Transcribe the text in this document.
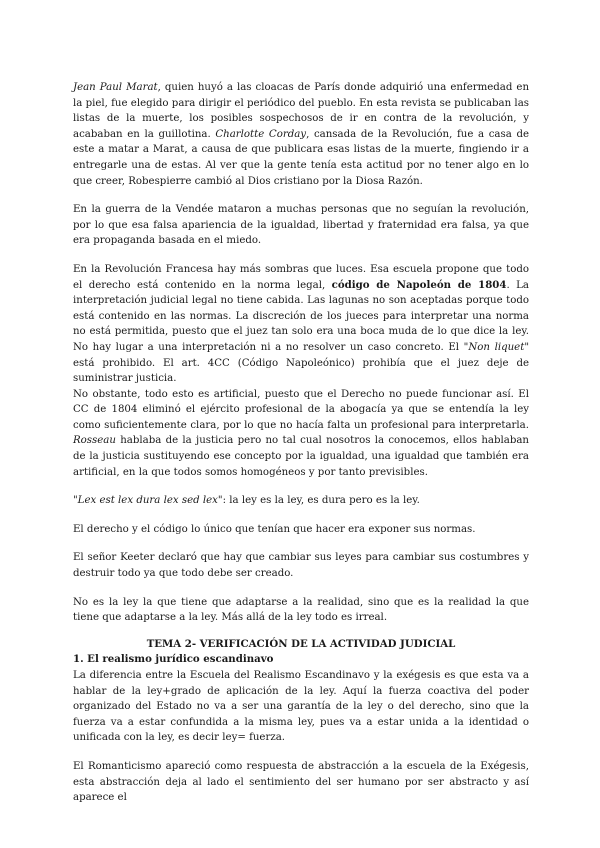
Jean Paul Marat, quien huyó a las cloacas de París donde adquirió una enfermedad en la piel, fue elegido para dirigir el periódico del pueblo. En esta revista se publicaban las listas de la muerte, los posibles sospechosos de ir en contra de la revolución, y acababan en la guillotina. Charlotte Corday, cansada de la Revolución, fue a casa de este a matar a Marat, a causa de que publicara esas listas de la muerte, fingiendo ir a entregarle una de estas. Al ver que la gente tenía esta actitud por no tener algo en lo que creer, Robespierre cambió al Dios cristiano por la Diosa Razón.

En la guerra de la Vendée mataron a muchas personas que no seguían la revolución, por lo que esa falsa apariencia de la igualdad, libertad y fraternidad era falsa, ya que era propaganda basada en el miedo.

En la Revolución Francesa hay más sombras que luces. Esa escuela propone que todo el derecho está contenido en la norma legal, código de Napoleón de 1804. La interpretación judicial legal no tiene cabida. Las lagunas no son aceptadas porque todo está contenido en las normas. La discreción de los jueces para interpretar una norma no está permitida, puesto que el juez tan solo era una boca muda de lo que dice la ley. No hay lugar a una interpretación ni a no resolver un caso concreto. El "Non liquet" está prohibido. El art. 4CC (Código Napoleónico) prohibía que el juez deje de suministrar justicia.

No obstante, todo esto es artificial, puesto que el Derecho no puede funcionar así. El CC de 1804 eliminó el ejército profesional de la abogacía ya que se entendía la ley como suficientemente clara, por lo que no hacía falta un profesional para interpretarla. Rosseau hablaba de la justicia pero no tal cual nosotros la conocemos, ellos hablaban de la justicia sustituyendo ese concepto por la igualdad, una igualdad que también era artificial, en la que todos somos homogéneos y por tanto previsibles.

"Lex est lex dura lex sed lex": la ley es la ley, es dura pero es la ley.

El derecho y el código lo único que tenían que hacer era exponer sus normas.

El señor Keeter declaró que hay que cambiar sus leyes para cambiar sus costumbres y destruir todo ya que todo debe ser creado.

No es la ley la que tiene que adaptarse a la realidad, sino que es la realidad la que tiene que adaptarse a la ley. Más allá de la ley todo es irreal.

TEMA 2- VERIFICACIÓN DE LA ACTIVIDAD JUDICIAL

1. El realismo jurídico escandinavo

La diferencia entre la Escuela del Realismo Escandinavo y la exégesis es que esta va a hablar de la ley+grado de aplicación de la ley. Aquí la fuerza coactiva del poder organizado del Estado no va a ser una garantía de la ley o del derecho, sino que la fuerza va a estar confundida a la misma ley, pues va a estar unida a la identidad o unificada con la ley, es decir ley= fuerza.

El Romanticismo apareció como respuesta de abstracción a la escuela de la Exégesis, esta abstracción deja al lado el sentimiento del ser humano por ser abstracto y así aparece el
